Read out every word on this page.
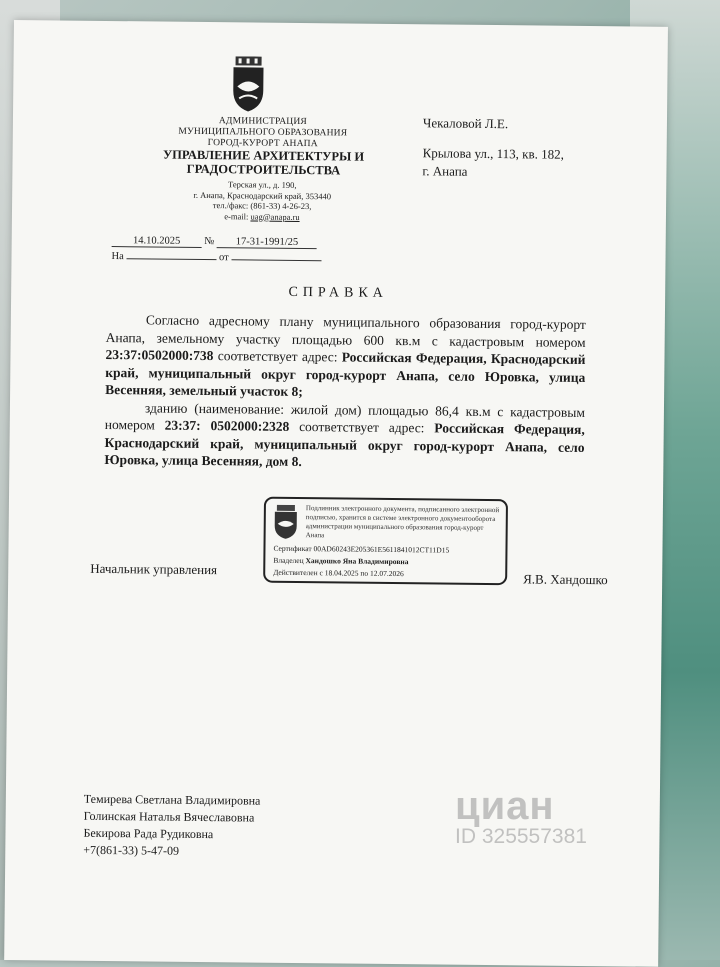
АДМИНИСТРАЦИЯ
МУНИЦИПАЛЬНОГО ОБРАЗОВАНИЯ
ГОРОД-КУРОРТ АНАПА
УПРАВЛЕНИЕ АРХИТЕКТУРЫ И
ГРАДОСТРОИТЕЛЬСТВА
Терская ул., д. 190,
г. Анапа, Краснодарский край, 353440
тел./факс: (861-33) 4-26-23,
e-mail: uag@anapa.ru
Чекаловой Л.Е.
Крылова ул., 113, кв. 182,
г. Анапа
14.10.2025 № 17-31-1991/25
На	от
СПРАВКА

Согласно адресному плану муниципального образования город-курорт Анапа, земельному участку площадью 600 кв.м с кадастровым номером 23:37:0502000:738 соответствует адрес: Российская Федерация, Краснодарский край, муниципальный округ город-курорт Анапа, село Юровка, улица Весенняя, земельный участок 8;

зданию (наименование: жилой дом) площадью 86,4 кв.м с кадастровым номером 23:37: 0502000:2328 соответствует адрес: Российская Федерация, Краснодарский край, муниципальный округ город-курорт Анапа, село Юровка, улица Весенняя, дом 8.

Подлинник электронного документа, подписанного электронной подписью, хранится в системе электронного документооборота администрации муниципального образования город-курорт Анапа
Сертификат 00AD60243E205361E5611841012CT11D15
Владелец Хандошко Яна Владимировна
Действителен с 18.04.2025 по 12.07.2026
Начальник управления
Я.В. Хандошко
Темирева Светлана Владимировна
Голинская Наталья Вячеславовна
Бекирова Рада Рудиковна
+7(861-33) 5-47-09
циан
ID 325557381
